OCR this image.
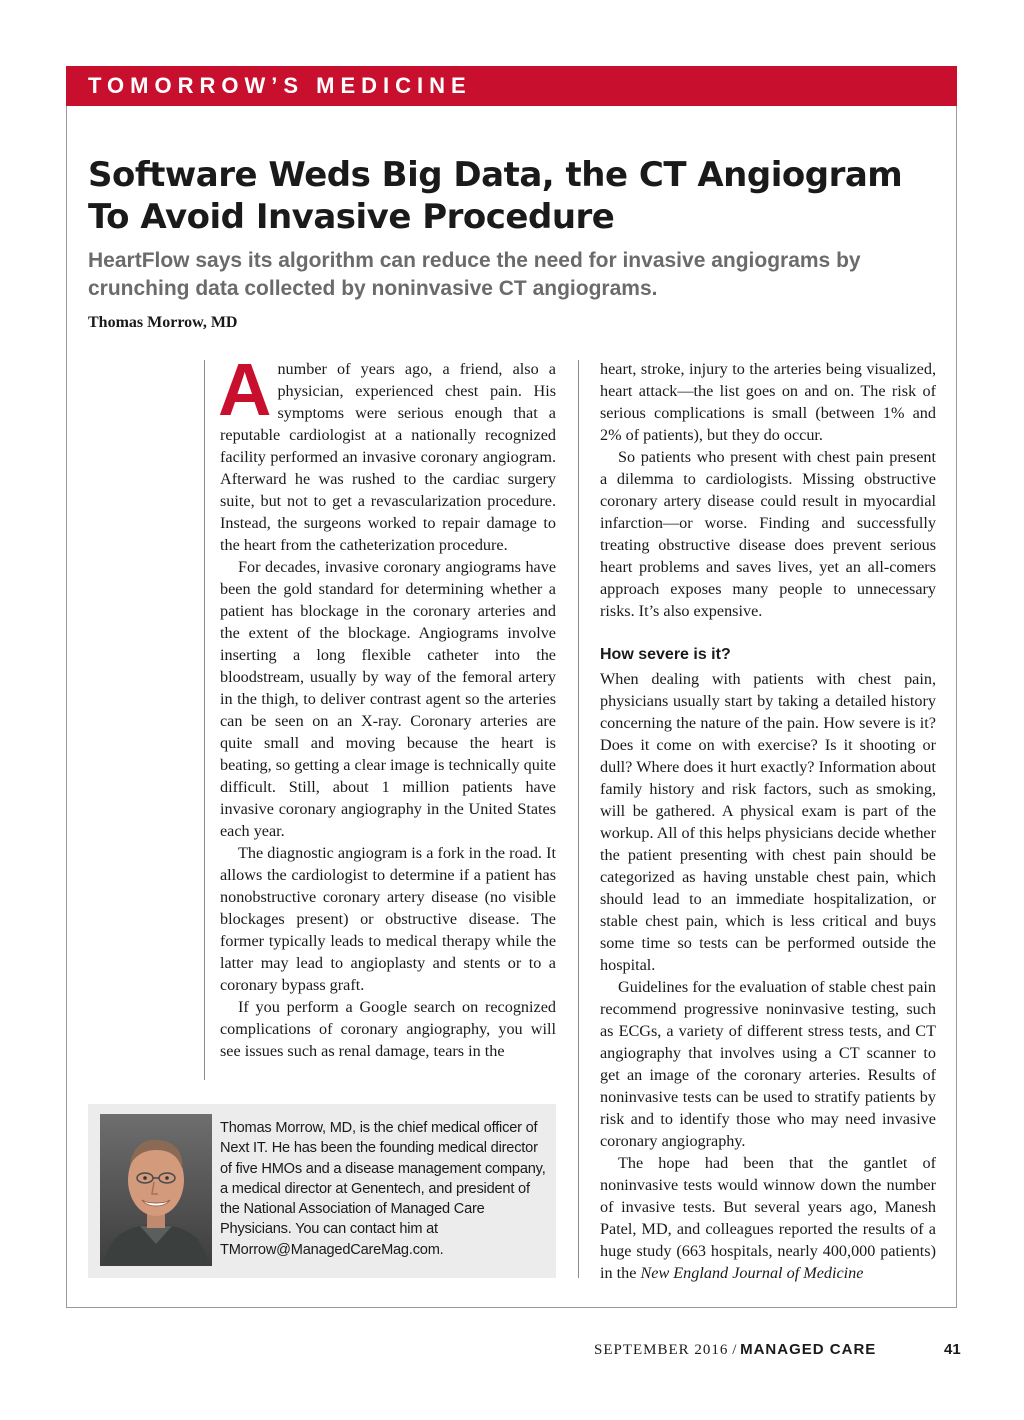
TOMORROW’S MEDICINE
Software Weds Big Data, the CT Angiogram To Avoid Invasive Procedure

HeartFlow says its algorithm can reduce the need for invasive angiograms by crunching data collected by noninvasive CT angiograms.

Thomas Morrow, MD

Anumber of years ago, a friend, also a physician, experienced chest pain. His symptoms were serious enough that a reputable cardiologist at a nationally recognized facility performed an invasive coronary angiogram. Afterward he was rushed to the cardiac surgery suite, but not to get a revascularization procedure. Instead, the surgeons worked to repair damage to the heart from the catheterization procedure.

For decades, invasive coronary angiograms have been the gold standard for determining whether a patient has blockage in the coronary arteries and the extent of the blockage. Angiograms involve inserting a long flexible catheter into the bloodstream, usually by way of the femoral artery in the thigh, to deliver contrast agent so the arteries can be seen on an X-ray. Coronary arteries are quite small and moving because the heart is beating, so getting a clear image is technically quite difficult. Still, about 1 million patients have invasive coronary angiography in the United States each year.

The diagnostic angiogram is a fork in the road. It allows the cardiologist to determine if a patient has nonobstructive coronary artery disease (no visible blockages present) or obstructive disease. The former typically leads to medical therapy while the latter may lead to angioplasty and stents or to a coronary bypass graft.

If you perform a Google search on recognized complications of coronary angiography, you will see issues such as renal damage, tears in the

heart, stroke, injury to the arteries being visualized, heart attack—the list goes on and on. The risk of serious complications is small (between 1% and 2% of patients), but they do occur.

So patients who present with chest pain present a dilemma to cardiologists. Missing obstructive coronary artery disease could result in myocardial infarction—or worse. Finding and successfully treating obstructive disease does prevent serious heart problems and saves lives, yet an all-comers approach exposes many people to unnecessary risks. It’s also expensive.

How severe is it?

When dealing with patients with chest pain, physicians usually start by taking a detailed history concerning the nature of the pain. How severe is it? Does it come on with exercise? Is it shooting or dull? Where does it hurt exactly? Information about family history and risk factors, such as smoking, will be gathered. A physical exam is part of the workup. All of this helps physicians decide whether the patient presenting with chest pain should be categorized as having unstable chest pain, which should lead to an immediate hospitalization, or stable chest pain, which is less critical and buys some time so tests can be performed outside the hospital.

Guidelines for the evaluation of stable chest pain recommend progressive noninvasive testing, such as ECGs, a variety of different stress tests, and CT angiography that involves using a CT scanner to get an image of the coronary arteries. Results of noninvasive tests can be used to stratify patients by risk and to identify those who may need invasive coronary angiography.

The hope had been that the gantlet of noninvasive tests would winnow down the number of invasive tests. But several years ago, Manesh Patel, MD, and colleagues reported the results of a huge study (663 hospitals, nearly 400,000 patients) in the New England Journal of Medicine

Thomas Morrow, MD, is the chief medical officer of Next IT. He has been the founding medical director of five HMOs and a disease management company, a medical director at Genentech, and president of the National Association of Managed Care Physicians. You can contact him at TMorrow@ManagedCareMag.com.

SEPTEMBER 2016 / MANAGED CARE	41
